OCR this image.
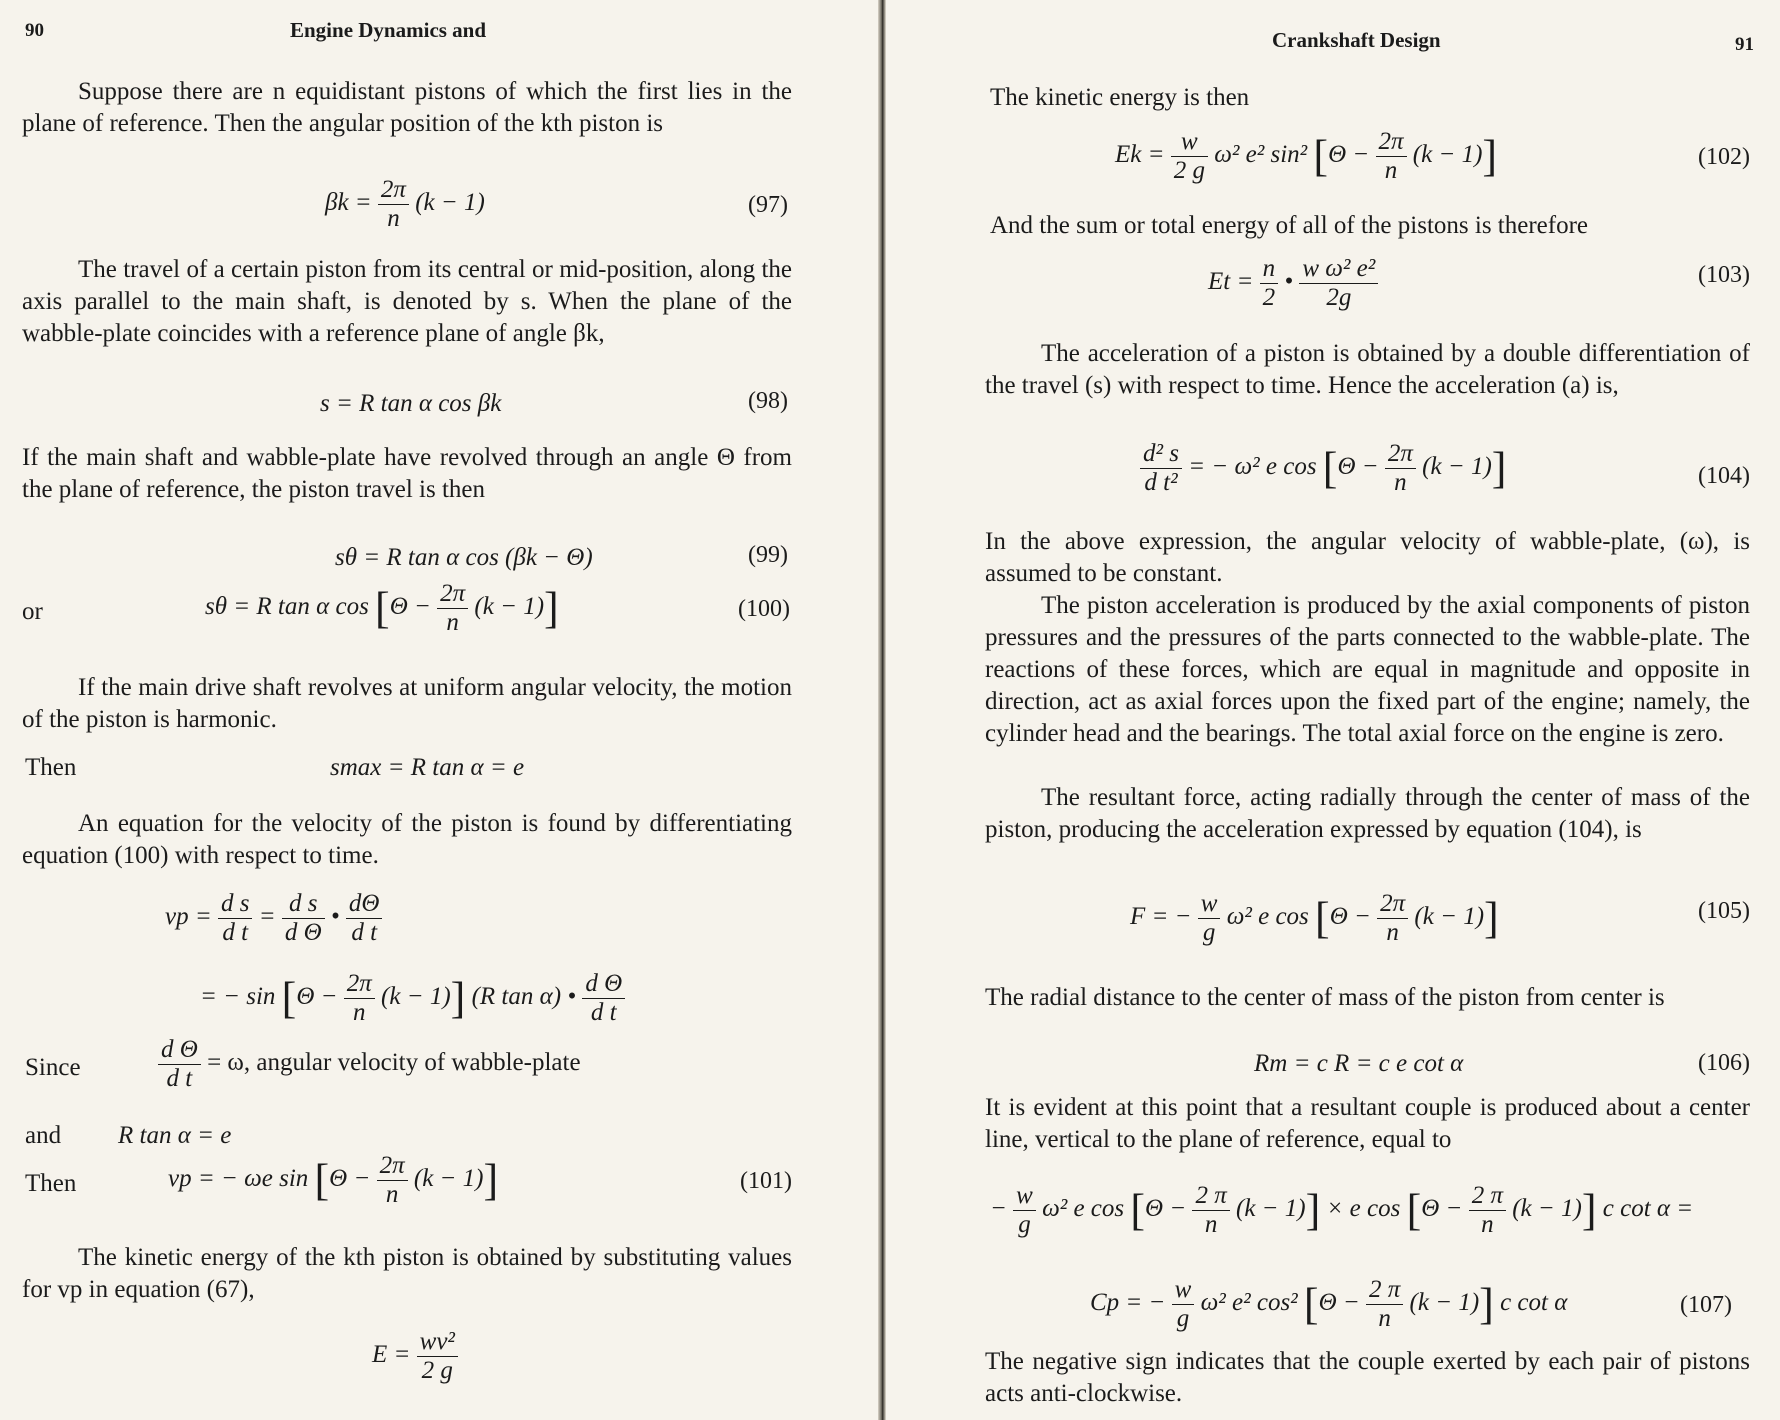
90	Engine Dynamics and
Suppose there are n equidistant pistons of which the first lies in the plane of reference. Then the angular position of the kth piston is
$\beta k = \frac{2\pi}{n} (k - 1)$	(97)
The travel of a certain piston from its central or mid-position, along the axis parallel to the main shaft, is denoted by s. When the plane of the wabble-plate coincides with a reference plane of angle βk,
s = R tan α cos βk	(98)
If the main shaft and wabble-plate have revolved through an angle Θ from the plane of reference, the piston travel is then
sθ = R tan α cos (βk − Θ)	(99)
or	sθ = R tan α $\cos [\Theta - \frac{2\pi}{n} (k - 1)]$	(100)
If the main drive shaft revolves at uniform angular velocity, the motion of the piston is harmonic.
Then	smax = R tan α = e
An equation for the velocity of the piston is found by differentiating equation (100) with respect to time.
vp = $\frac{\text{d s}}{\text{d t}} = \frac{\text{d s}}{\text{d Θ}}$ • $\frac{d\Theta}{\text{d t}}$
= − $\sin [\Theta - \frac{2\pi}{n} (k - 1)]$ (R tan α) • $\frac{\text{d Θ}}{\text{d t}}$
Since	$\frac{\text{d Θ}}{\text{d t}} = \omega$, angular velocity of wabble-plate
and R tan α = e
Then	vp = − ωe $\sin [\Theta - \frac{2\pi}{n} (k - 1)]$	(101)
The kinetic energy of the kth piston is obtained by substituting values for vp in equation (67),
$E = \frac{\text{wv²}}{2 g}$
Crankshaft Design	91
The kinetic energy is then
$Ek = \frac{w}{2 g} \omega^2$ e² sin² $[\Theta - \frac{2\pi}{n} (k - 1)]$	(102)
And the sum or total energy of all of the pistons is therefore
$Et = \frac{n}{2}$ • $\frac{\text{w ω² e²}}{2g}$	(103)
The acceleration of a piston is obtained by a double differentiation of the travel (s) with respect to time. Hence the acceleration (a) is,
$\frac{\text{d² s}}{\text{d t²}}$ = − ω² e $\cos [\Theta - \frac{2\pi}{n} (k - 1)]$	(104)
In the above expression, the angular velocity of wabble-plate, (ω), is assumed to be constant.
The piston acceleration is produced by the axial components of piston pressures and the pressures of the parts connected to the wabble-plate. The reactions of these forces, which are equal in magnitude and opposite in direction, act as axial forces upon the fixed part of the engine; namely, the cylinder head and the bearings. The total axial force on the engine is zero.
The resultant force, acting radially through the center of mass of the piston, producing the acceleration expressed by equation (104), is
F = − $\frac{w}{g} \omega^2$ e $\cos [\Theta - \frac{2\pi}{n} (k - 1)]$	(105)
The radial distance to the center of mass of the piston from center is
Rm = c R = c e cot α	(106)
It is evident at this point that a resultant couple is produced about a center line, vertical to the plane of reference, equal to
− $\frac{w}{g} \omega^2$ e $\cos [\Theta - \frac{2 \pi}{n} (k - 1)] \times e$ $\cos [\Theta - \frac{2 \pi}{n} (k - 1)]$ c cot α =
Cp = − $\frac{w}{g} \omega^2$ e² cos² $[\Theta - \frac{2 \pi}{n} (k - 1)]$ c cot α	(107)
The negative sign indicates that the couple exerted by each pair of pistons acts anti-clockwise.
